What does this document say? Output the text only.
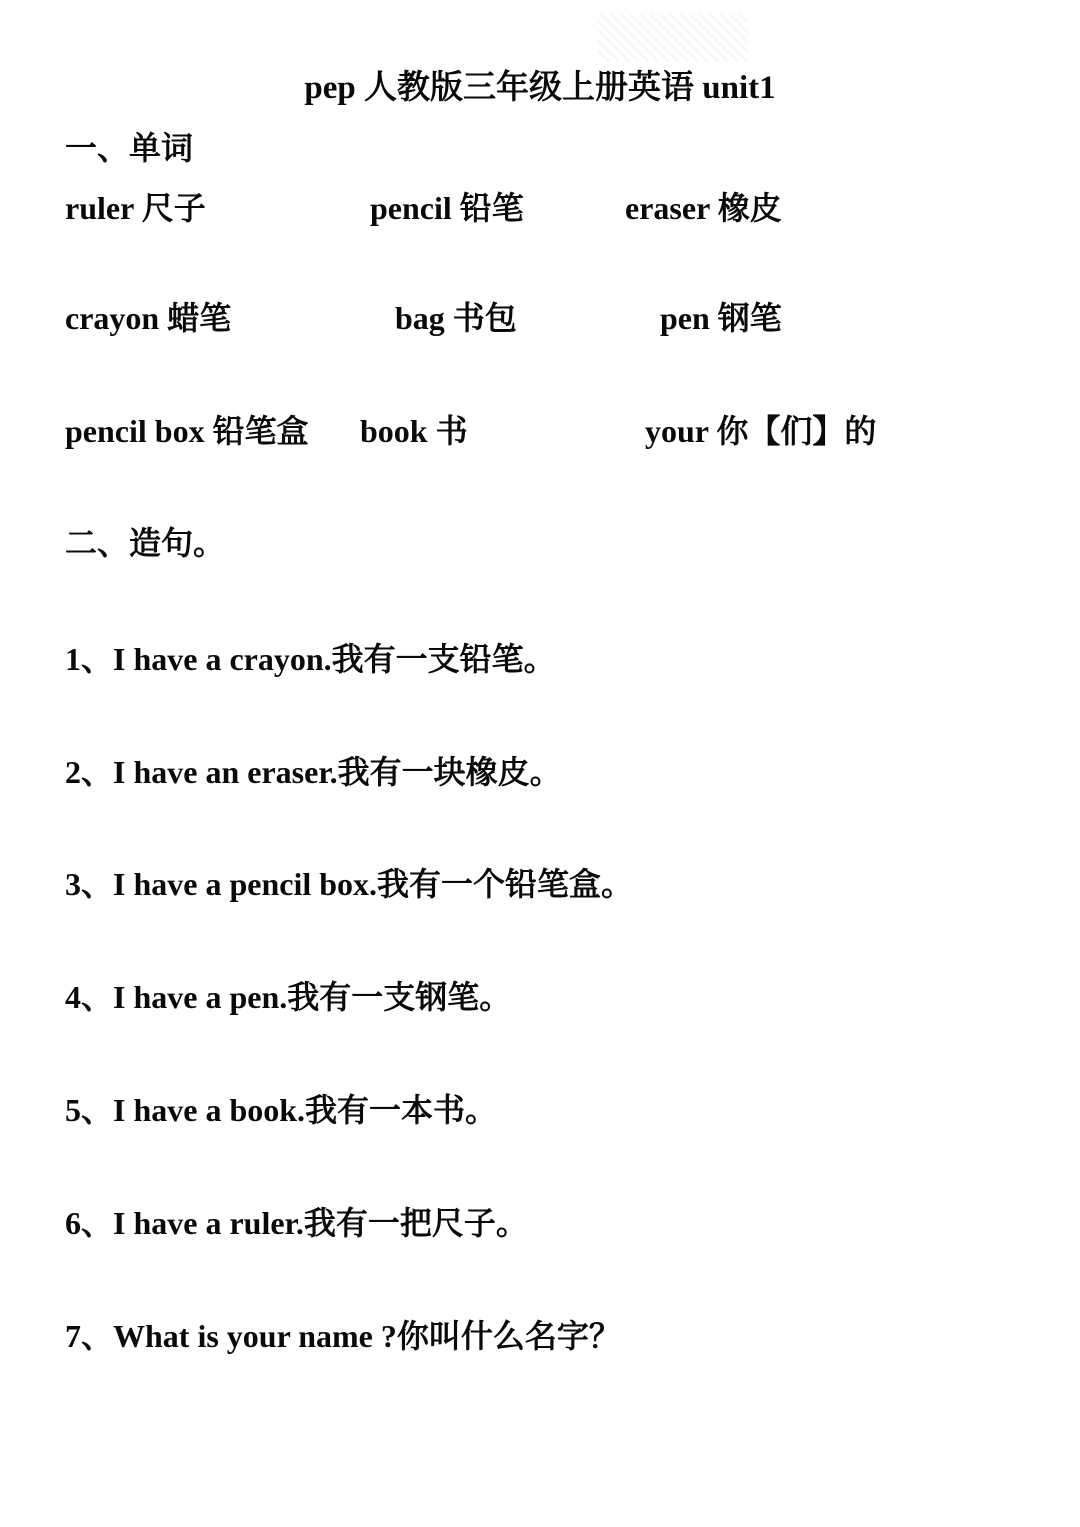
pep 人教版三年级上册英语 unit1
一、单词
ruler 尺子	pencil 铅笔	eraser 橡皮
crayon 蜡笔	bag 书包	pen 钢笔
pencil box 铅笔盒 book 书	your 你【们】的
二、造句。
1、I have a crayon.我有一支铅笔。
2、I have an eraser.我有一块橡皮。
3、I have a pencil box.我有一个铅笔盒。
4、I have a pen.我有一支钢笔。
5、I have a book.我有一本书。
6、I have a ruler.我有一把尺子。
7、What is your name ?你叫什么名字？
